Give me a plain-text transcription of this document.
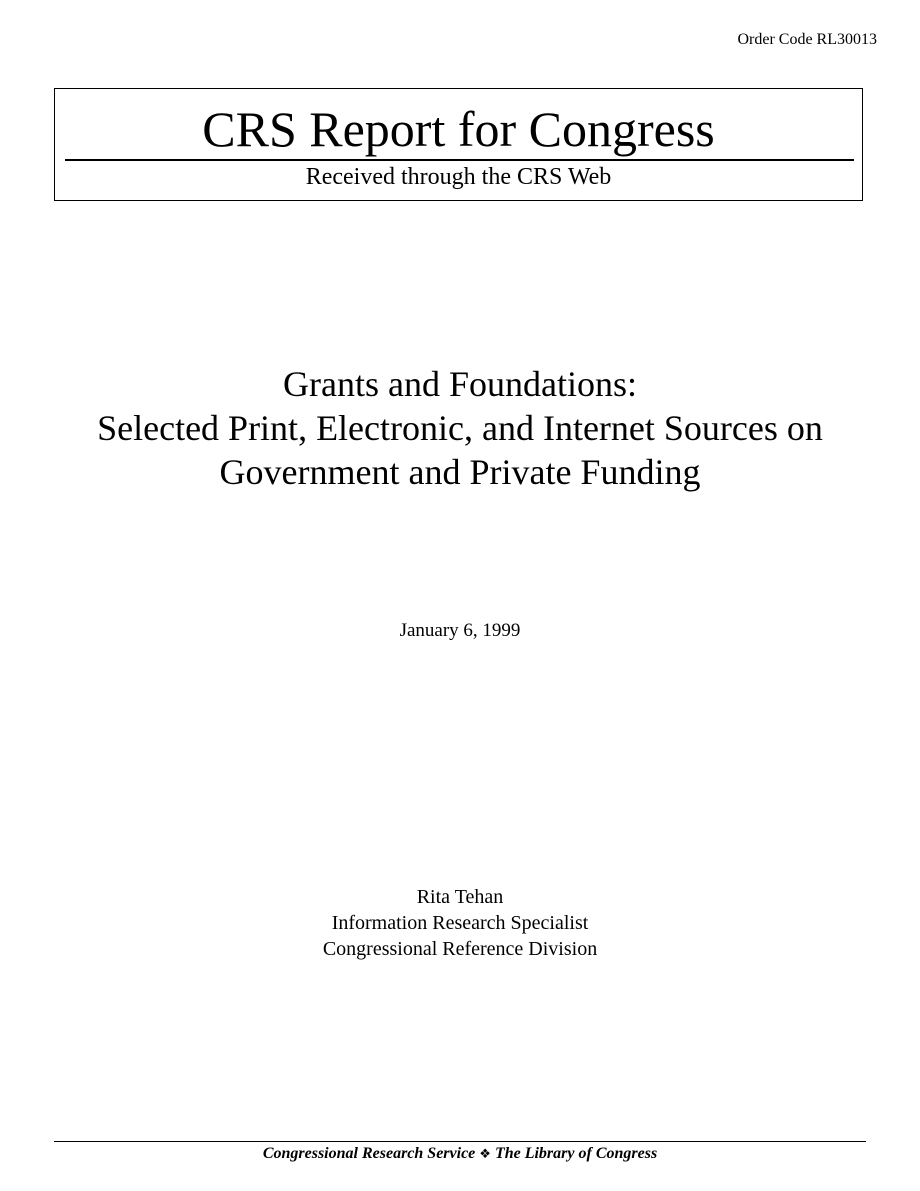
Order Code RL30013
CRS Report for Congress
Received through the CRS Web
Grants and Foundations:
Selected Print, Electronic, and Internet Sources on
Government and Private Funding
January 6, 1999
Rita Tehan
Information Research Specialist
Congressional Reference Division
Congressional Research Service ❖ The Library of Congress
